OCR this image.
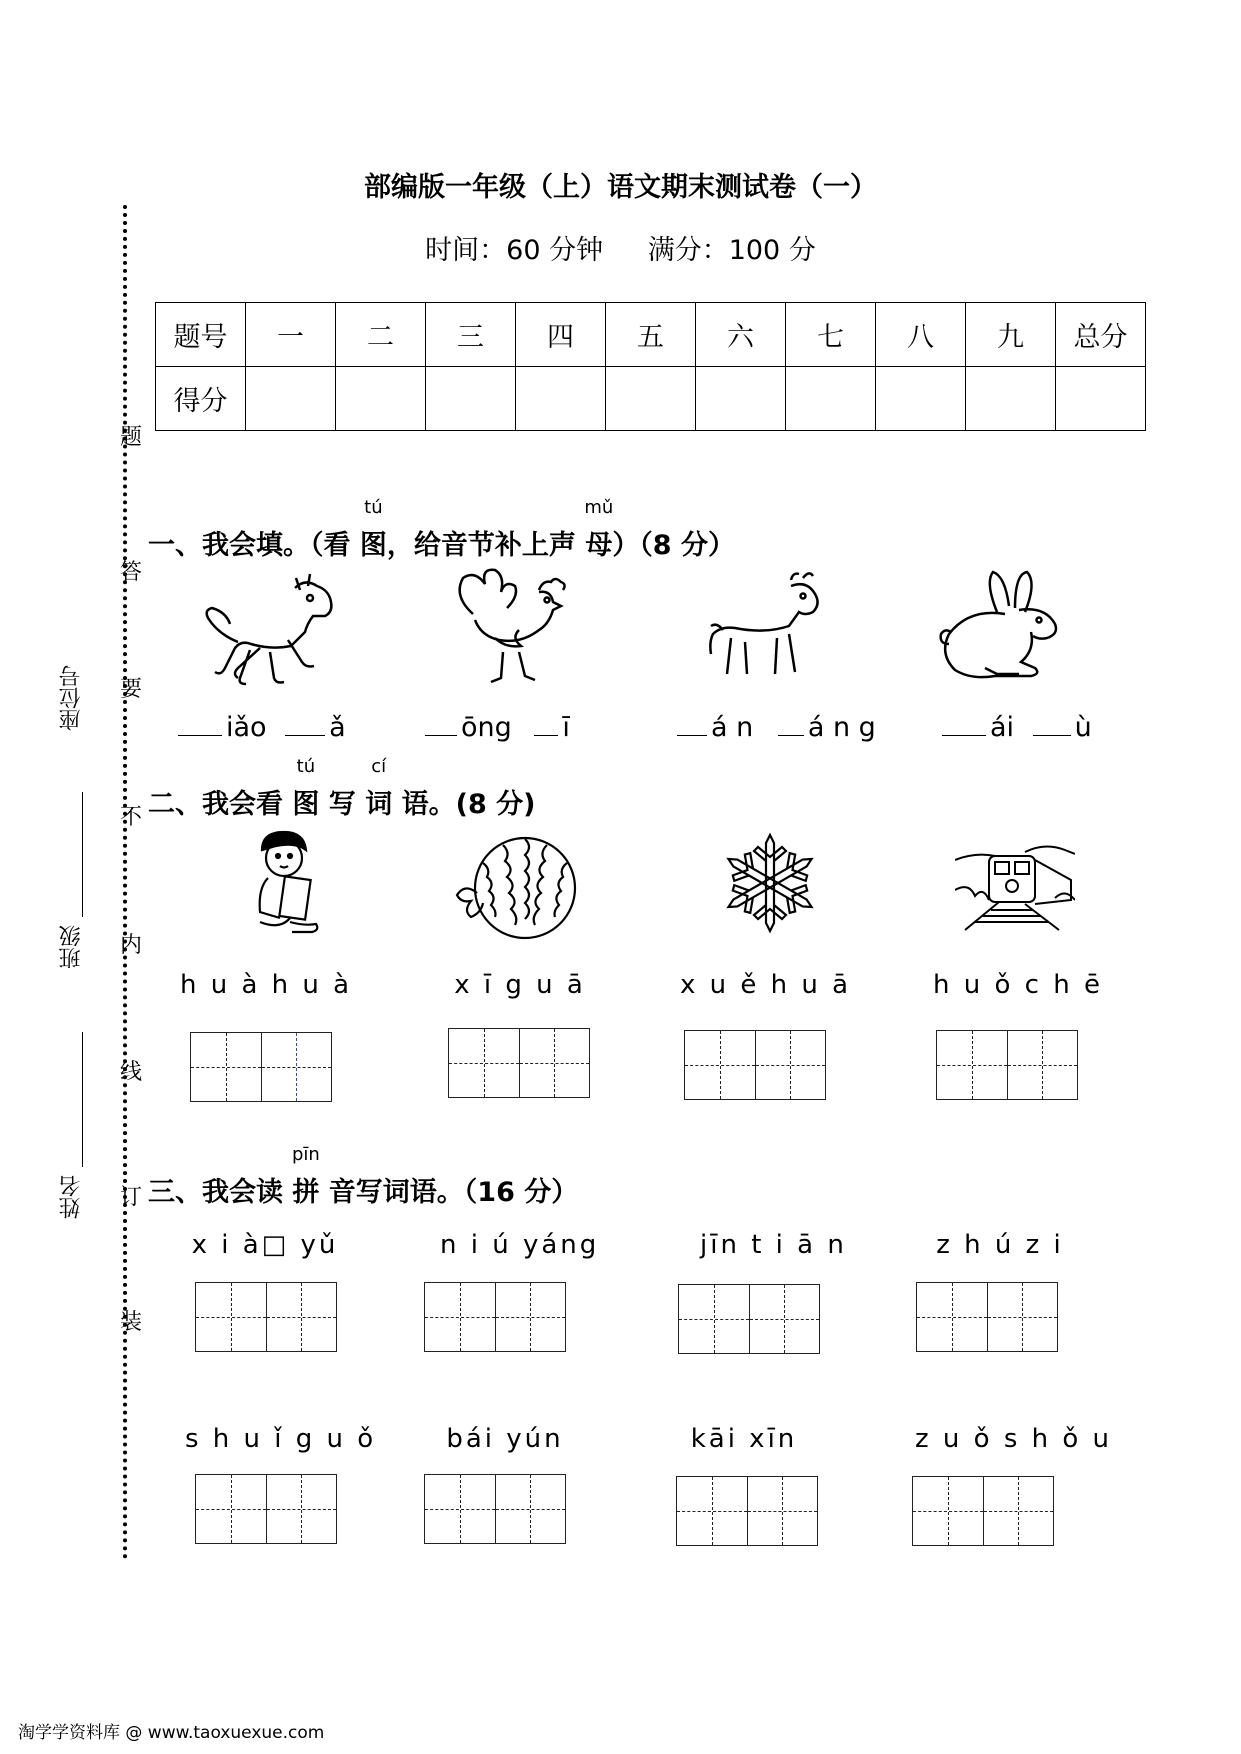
部编版一年级（上）语文期末测试卷（一）
时间：60 分钟 满分：100 分
题号	一	二	三	四	五	六	七	八	九	总分
得分										
题
答
要
不
内
线
订
装
座位号
班级
姓名
一、我会填。（看 图
tú
，给音节补上声 母
mǔ
）（8 分）
iǎo ǎ	ōng ī	á n á n g	ái ù
二、我会看 图
tú
写 词
cí
语。(8 分)
h u à h u à	x ī g u ā	x u ě h u ā	h u ǒ c h ē
三、我会读 拼
pīn
音写词语。（16 分）
x i à□ yǔ	n i ú yáng	jīn t i ā n	z h ú z i
s h u ǐ g u ǒ	bái yún	kāi xīn	z u ǒ s h ǒ u
淘学学资料库 @ www.taoxuexue.com
